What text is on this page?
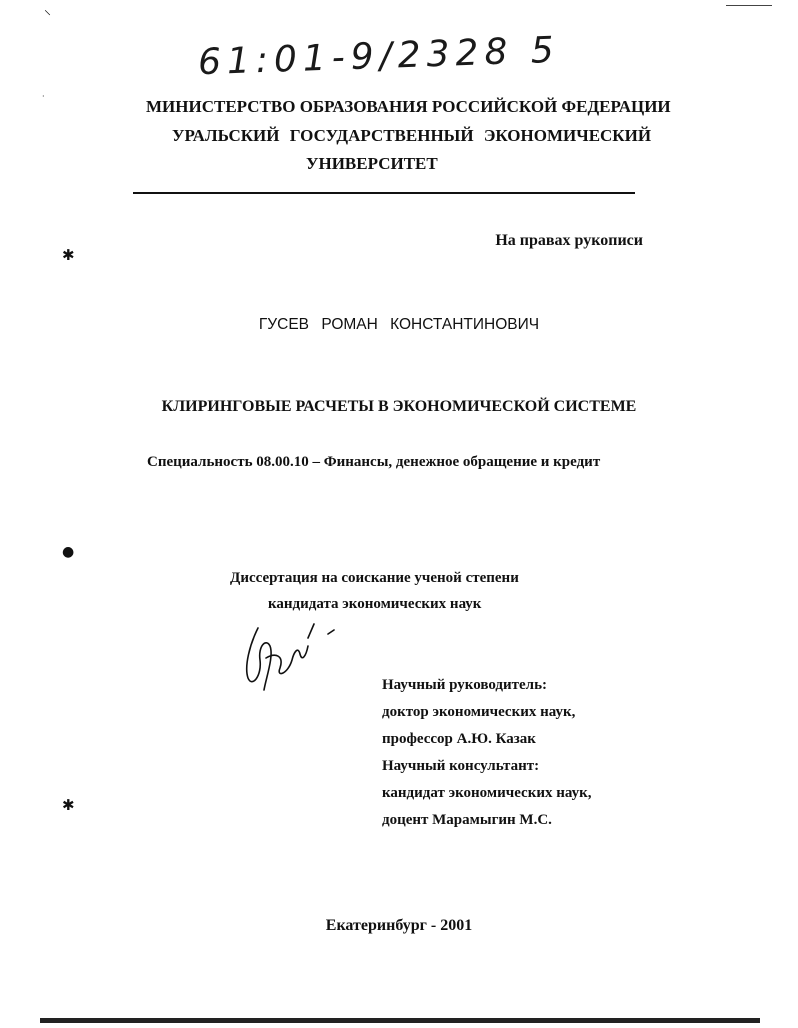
⸌
·
61:01-9/2328 5
МИНИСТЕРСТВО ОБРАЗОВАНИЯ РОССИЙСКОЙ ФЕДЕРАЦИИ
УРАЛЬСКИЙ ГОСУДАРСТВЕННЫЙ ЭКОНОМИЧЕСКИЙ
УНИВЕРСИТЕТ
✱
На правах рукописи
ГУСЕВ РОМАН КОНСТАНТИНОВИЧ
КЛИРИНГОВЫЕ РАСЧЕТЫ В ЭКОНОМИЧЕСКОЙ СИСТЕМЕ
Специальность 08.00.10 – Финансы, денежное обращение и кредит
●
Диссертация на соискание ученой степени
кандидата экономических наук
Научный руководитель:
доктор экономических наук,
профессор А.Ю. Казак
Научный консультант:
кандидат экономических наук,
доцент Марамыгин М.С.
✱
Екатеринбург - 2001
